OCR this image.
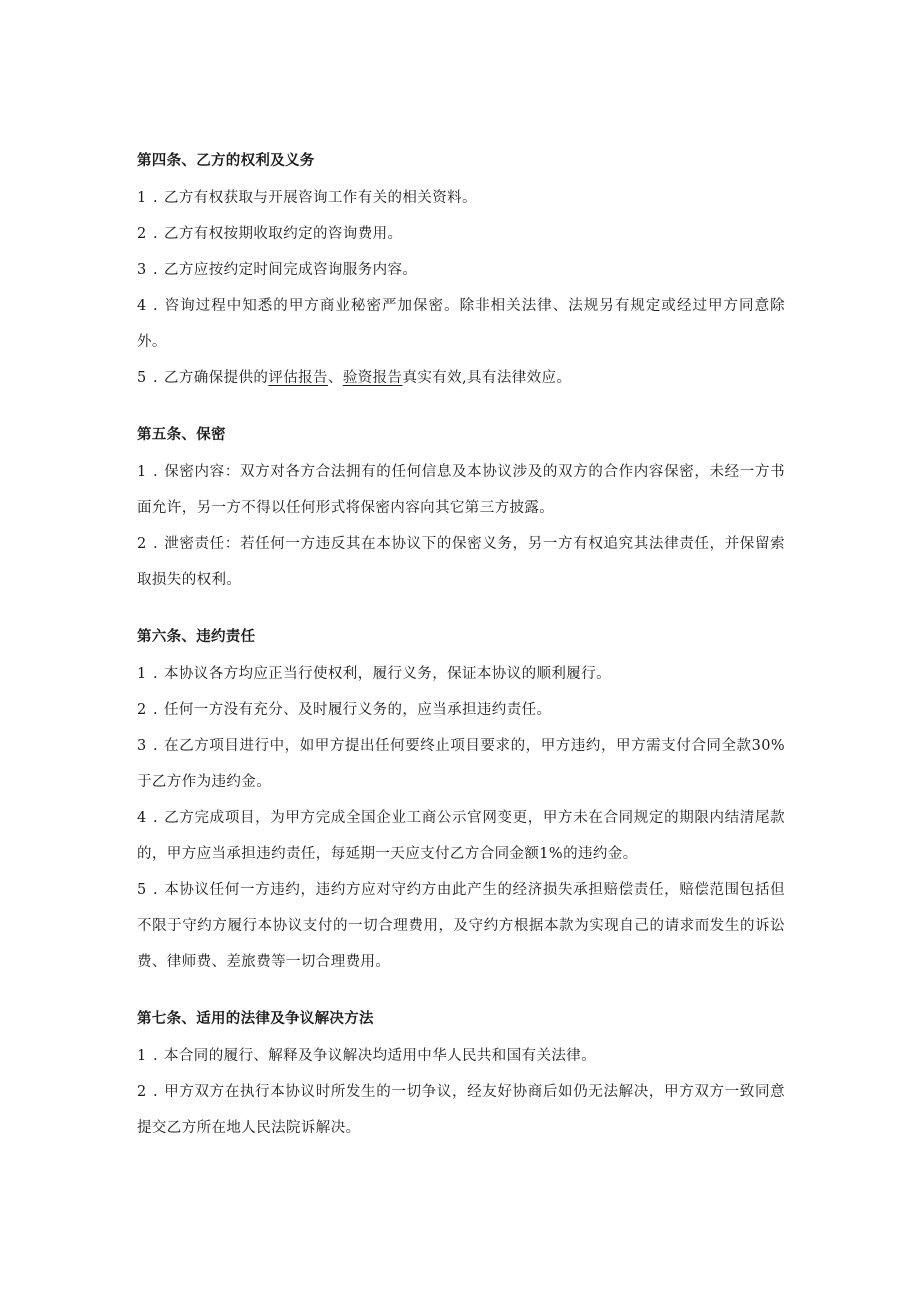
第四条、乙方的权利及义务

1 . 乙方有权获取与开展咨询工作有关的相关资料。

2 . 乙方有权按期收取约定的咨询费用。

3 . 乙方应按约定时间完成咨询服务内容。

4 . 咨询过程中知悉的甲方商业秘密严加保密。除非相关法律、法规另有规定或经过甲方同意除外。

5 . 乙方确保提供的评估报告、验资报告真实有效,具有法律效应。

第五条、保密

1 . 保密内容：双方对各方合法拥有的任何信息及本协议涉及的双方的合作内容保密，未经一方书面允许，另一方不得以任何形式将保密内容向其它第三方披露。

2 . 泄密责任：若任何一方违反其在本协议下的保密义务，另一方有权追究其法律责任，并保留索取损失的权利。

第六条、违约责任

1 . 本协议各方均应正当行使权利，履行义务，保证本协议的顺利履行。

2 . 任何一方没有充分、及时履行义务的，应当承担违约责任。

3 . 在乙方项目进行中，如甲方提出任何要终止项目要求的，甲方违约，甲方需支付合同全款30%于乙方作为违约金。

4 . 乙方完成项目，为甲方完成全国企业工商公示官网变更，甲方未在合同规定的期限内结清尾款的，甲方应当承担违约责任，每延期一天应支付乙方合同金额1%的违约金。

5 . 本协议任何一方违约，违约方应对守约方由此产生的经济损失承担赔偿责任，赔偿范围包括但不限于守约方履行本协议支付的一切合理费用，及守约方根据本款为实现自己的请求而发生的诉讼费、律师费、差旅费等一切合理费用。

第七条、适用的法律及争议解决方法

1 . 本合同的履行、解释及争议解决均适用中华人民共和国有关法律。

2 . 甲方双方在执行本协议时所发生的一切争议，经友好协商后如仍无法解决，甲方双方一致同意提交乙方所在地人民法院诉解决。
